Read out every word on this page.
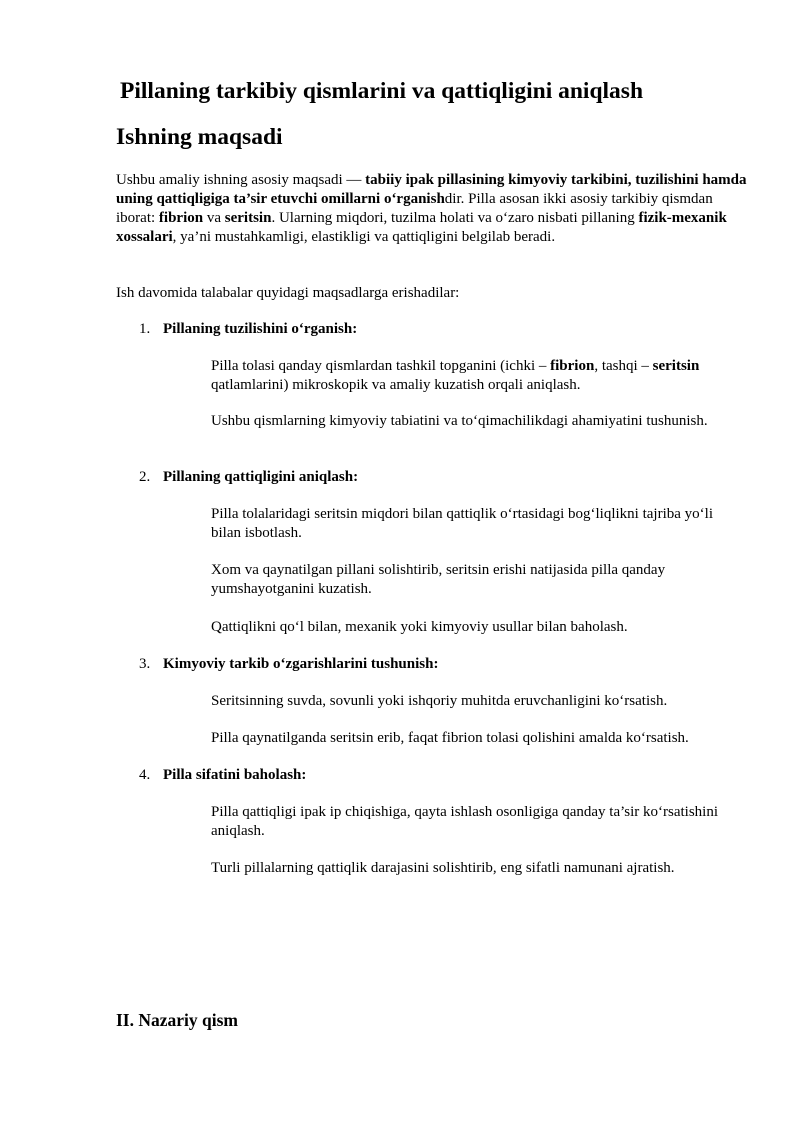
Pillaning tarkibiy qismlarini va qattiqligini aniqlash
Ishning maqsadi

Ushbu amaliy ishning asosiy maqsadi — tabiiy ipak pillasining kimyoviy tarkibini, tuzilishini hamda uning qattiqligiga ta’sir etuvchi omillarni o‘rganishdir. Pilla asosan ikki asosiy tarkibiy qismdan iborat: fibrion va seritsin. Ularning miqdori, tuzilma holati va o‘zaro nisbati pillaning fizik-mexanik xossalari, ya’ni mustahkamligi, elastikligi va qattiqligini belgilab beradi.

Ish davomida talabalar quyidagi maqsadlarga erishadilar:

1. Pillaning tuzilishini o‘rganish:

Pilla tolasi qanday qismlardan tashkil topganini (ichki – fibrion, tashqi – seritsin qatlamlarini) mikroskopik va amaliy kuzatish orqali aniqlash.

Ushbu qismlarning kimyoviy tabiatini va to‘qimachilikdagi ahamiyatini tushunish.

2. Pillaning qattiqligini aniqlash:

Pilla tolalaridagi seritsin miqdori bilan qattiqlik o‘rtasidagi bog‘liqlikni tajriba yo‘li bilan isbotlash.

Xom va qaynatilgan pillani solishtirib, seritsin erishi natijasida pilla qanday yumshayotganini kuzatish.

Qattiqlikni qo‘l bilan, mexanik yoki kimyoviy usullar bilan baholash.

3. Kimyoviy tarkib o‘zgarishlarini tushunish:

Seritsinning suvda, sovunli yoki ishqoriy muhitda eruvchanligini ko‘rsatish.

Pilla qaynatilganda seritsin erib, faqat fibrion tolasi qolishini amalda ko‘rsatish.

4. Pilla sifatini baholash:

Pilla qattiqligi ipak ip chiqishiga, qayta ishlash osonligiga qanday ta’sir ko‘rsatishini aniqlash.

Turli pillalarning qattiqlik darajasini solishtirib, eng sifatli namunani ajratish.

II. Nazariy qism
